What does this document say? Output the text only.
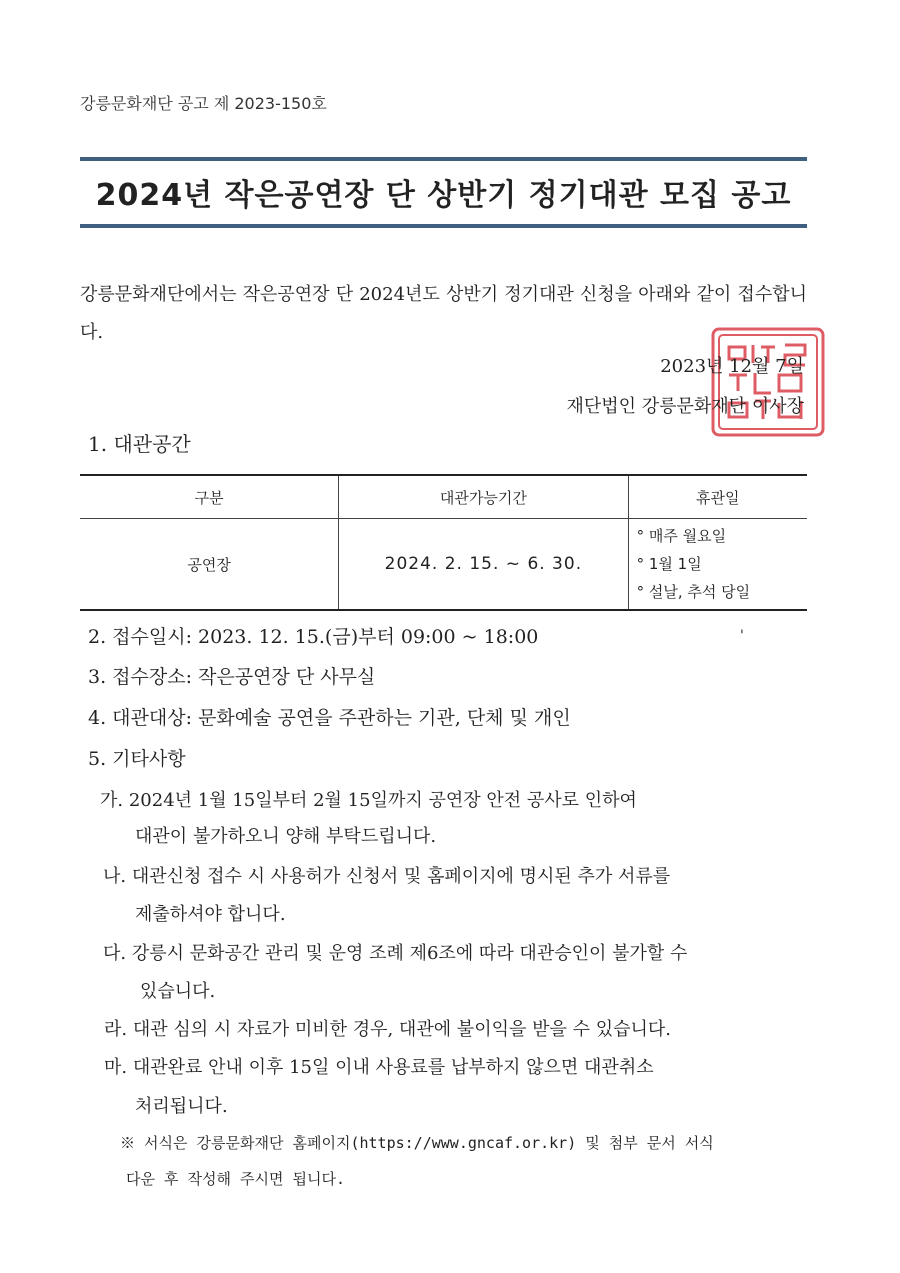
강릉문화재단 공고 제 2023-150호
2024년 작은공연장 단 상반기 정기대관 모집 공고
강릉문화재단에서는 작은공연장 단 2024년도 상반기 정기대관 신청을 아래와 같이 접수합니다.
2023년 12월 7일
재단법인 강릉문화재단 이사장
1. 대관공간
구분	대관가능기간	휴관일
공연장	2024. 2. 15. ~ 6. 30.	° 매주 월요일
° 1월 1일
° 설날, 추석 당일
2. 접수일시: 2023. 12. 15.(금)부터 09:00 ~ 18:00	'
3. 접수장소: 작은공연장 단 사무실
4. 대관대상: 문화예술 공연을 주관하는 기관, 단체 및 개인
5. 기타사항
가. 2024년 1월 15일부터 2월 15일까지 공연장 안전 공사로 인하여
대관이 불가하오니 양해 부탁드립니다.
나. 대관신청 접수 시 사용허가 신청서 및 홈페이지에 명시된 추가 서류를
제출하셔야 합니다.
다. 강릉시 문화공간 관리 및 운영 조례 제6조에 따라 대관승인이 불가할 수
있습니다.
라. 대관 심의 시 자료가 미비한 경우, 대관에 불이익을 받을 수 있습니다.
마. 대관완료 안내 이후 15일 이내 사용료를 납부하지 않으면 대관취소
처리됩니다.
※ 서식은 강릉문화재단 홈페이지(https://www.gncaf.or.kr) 및 첨부 문서 서식
다운 후 작성해 주시면 됩니다.
